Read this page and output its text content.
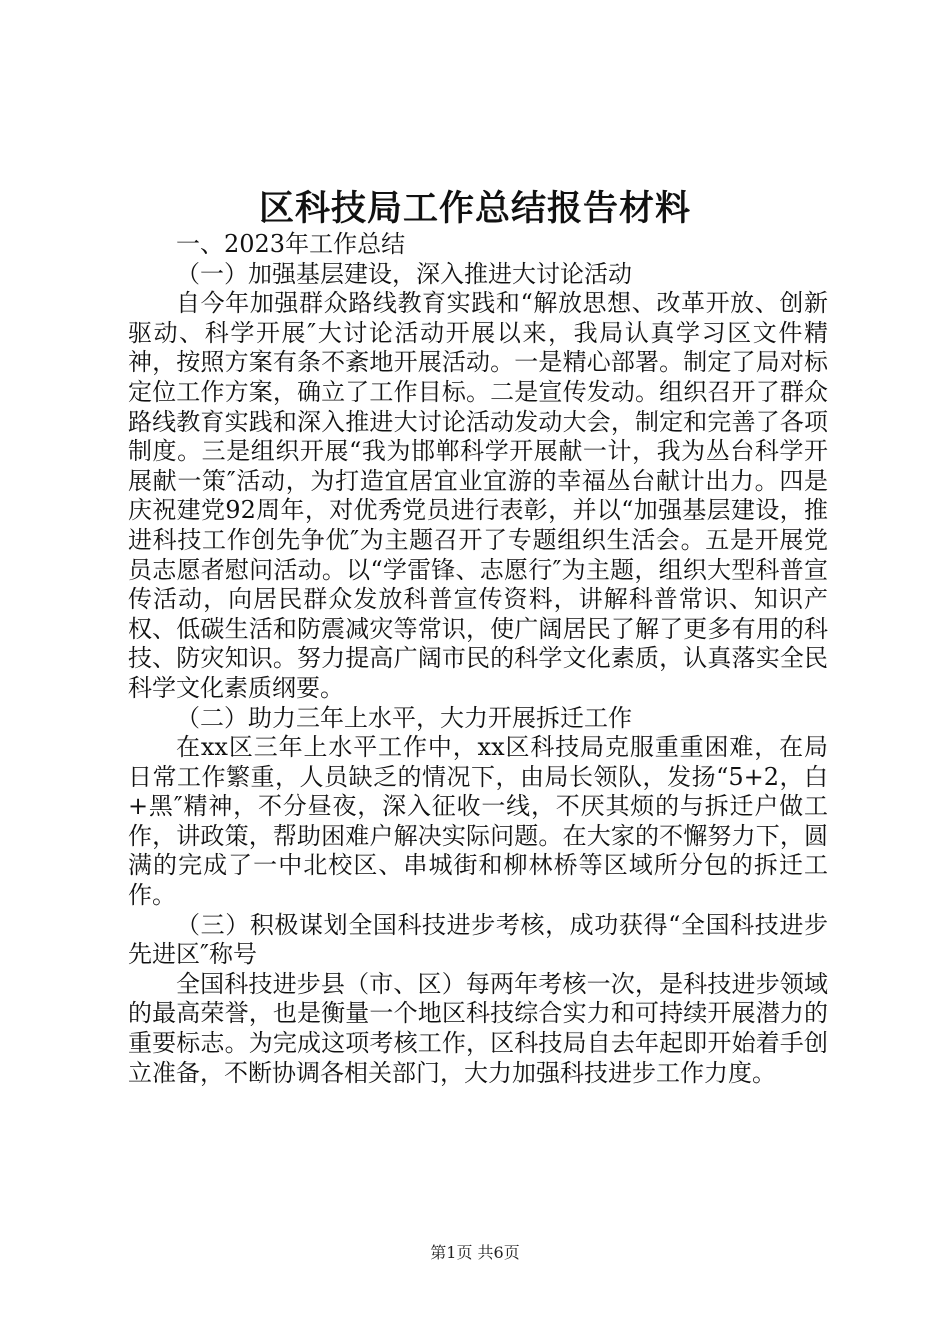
区科技局工作总结报告材料

一、2023年工作总结

（一）加强基层建设，深入推进大讨论活动

自今年加强群众路线教育实践和“解放思想、改革开放、创新驱动、科学开展″大讨论活动开展以来，我局认真学习区文件精神，按照方案有条不紊地开展活动。一是精心部署。制定了局对标定位工作方案，确立了工作目标。二是宣传发动。组织召开了群众路线教育实践和深入推进大讨论活动发动大会，制定和完善了各项制度。三是组织开展“我为邯郸科学开展献一计，我为丛台科学开展献一策″活动，为打造宜居宜业宜游的幸福丛台献计出力。四是庆祝建党92周年，对优秀党员进行表彰，并以“加强基层建设，推进科技工作创先争优″为主题召开了专题组织生活会。五是开展党员志愿者慰问活动。以“学雷锋、志愿行″为主题，组织大型科普宣传活动，向居民群众发放科普宣传资料，讲解科普常识、知识产权、低碳生活和防震减灾等常识，使广阔居民了解了更多有用的科技、防灾知识。努力提高广阔市民的科学文化素质，认真落实全民科学文化素质纲要。

（二）助力三年上水平，大力开展拆迁工作

在xx区三年上水平工作中，xx区科技局克服重重困难，在局日常工作繁重，人员缺乏的情况下，由局长领队，发扬“5+2，白+黑″精神，不分昼夜，深入征收一线，不厌其烦的与拆迁户做工作，讲政策，帮助困难户解决实际问题。在大家的不懈努力下，圆满的完成了一中北校区、串城街和柳林桥等区域所分包的拆迁工作。

（三）积极谋划全国科技进步考核，成功获得“全国科技进步先进区″称号

全国科技进步县（市、区）每两年考核一次，是科技进步领域的最高荣誉，也是衡量一个地区科技综合实力和可持续开展潜力的重要标志。为完成这项考核工作，区科技局自去年起即开始着手创立准备，不断协调各相关部门，大力加强科技进步工作力度。

第1页 共6页
